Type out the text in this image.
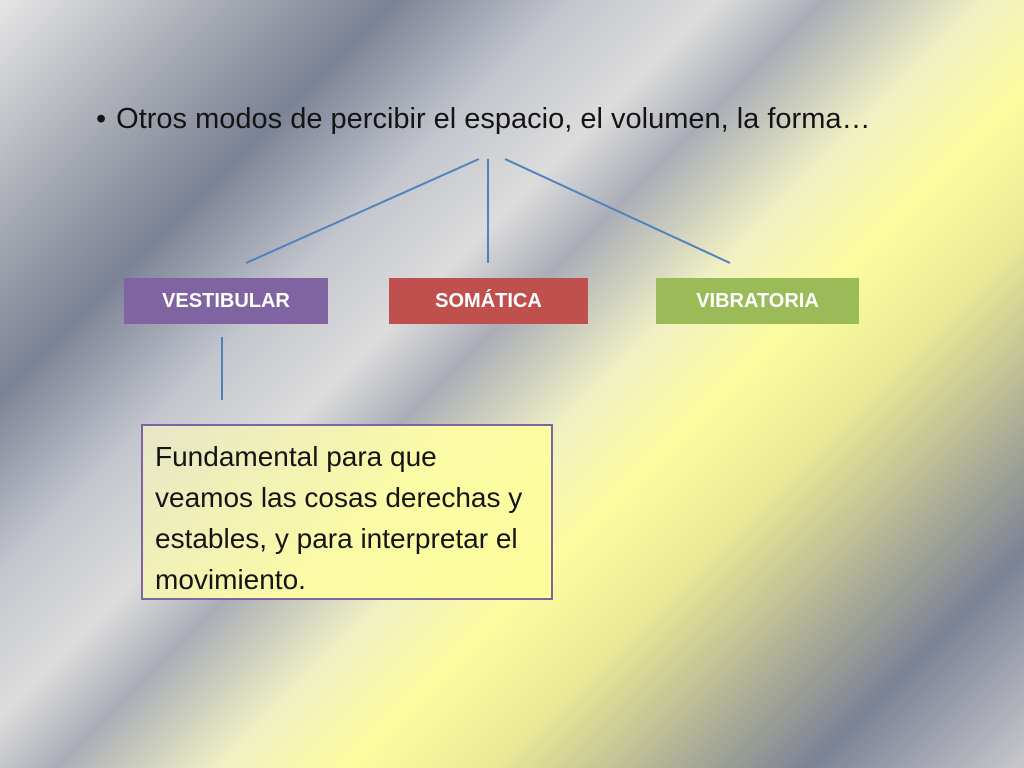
• Otros modos de percibir el espacio, el volumen, la forma…
VESTIBULAR	SOMÁTICA	VIBRATORIA
Fundamental para que veamos las cosas derechas y estables, y para interpretar el movimiento.
